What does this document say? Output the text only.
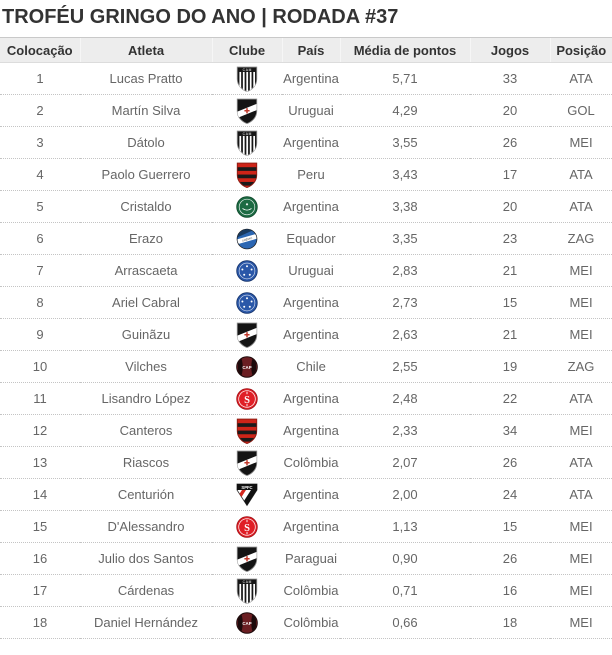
TROFÉU GRINGO DO ANO | RODADA #37
Colocação	Atleta	Clube	País	Média de pontos	Jogos	Posição
1	Lucas Pratto	C A M	Argentina	5,71	33	ATA
2	Martín Silva		Uruguai	4,29	20	GOL
3	Dátolo	C A M	Argentina	3,55	26	MEI
4	Paolo Guerrero		Peru	3,43	17	ATA
5	Cristaldo		Argentina	3,38	20	ATA
6	Erazo	GRÊMIO	Equador	3,35	23	ZAG
7	Arrascaeta		Uruguai	2,83	21	MEI
8	Ariel Cabral		Argentina	2,73	15	MEI
9	Guinãzu		Argentina	2,63	21	MEI
10	Vilches	CAP	Chile	2,55	19	ZAG
11	Lisandro López	S	Argentina	2,48	22	ATA
12	Canteros		Argentina	2,33	34	MEI
13	Riascos		Colômbia	2,07	26	ATA
14	Centurión	SPFC	Argentina	2,00	24	ATA
15	D'Alessandro	S	Argentina	1,13	15	MEI
16	Julio dos Santos		Paraguai	0,90	26	MEI
17	Cárdenas	C A M	Colômbia	0,71	16	MEI
18	Daniel Hernández	CAP	Colômbia	0,66	18	MEI
